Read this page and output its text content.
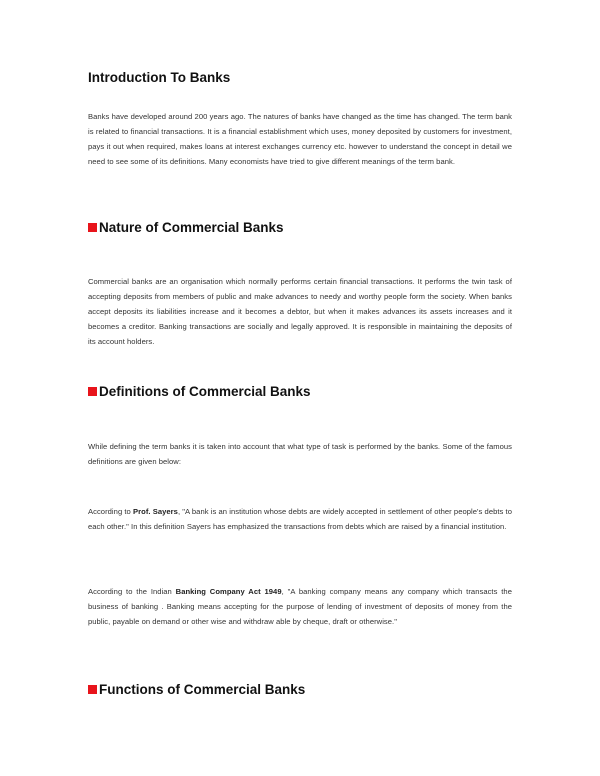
Introduction To Banks

Banks have developed around 200 years ago. The natures of banks have changed as the time has changed. The term bank is related to financial transactions. It is a financial establishment which uses, money deposited by customers for investment, pays it out when required, makes loans at interest exchanges currency etc. however to understand the concept in detail we need to see some of its definitions. Many economists have tried to give different meanings of the term bank.

Nature of Commercial Banks

Commercial banks are an organisation which normally performs certain financial transactions. It performs the twin task of accepting deposits from members of public and make advances to needy and worthy people form the society. When banks accept deposits its liabilities increase and it becomes a debtor, but when it makes advances its assets increases and it becomes a creditor. Banking transactions are socially and legally approved. It is responsible in maintaining the deposits of its account holders.

Definitions of Commercial Banks

While defining the term banks it is taken into account that what type of task is performed by the banks. Some of the famous definitions are given below:

According to Prof. Sayers, "A bank is an institution whose debts are widely accepted in settlement of other people's debts to each other." In this definition Sayers has emphasized the transactions from debts which are raised by a financial institution.

According to the Indian Banking Company Act 1949, "A banking company means any company which transacts the business of banking . Banking means accepting for the purpose of lending of investment of deposits of money from the public, payable on demand or other wise and withdraw able by cheque, draft or otherwise."

Functions of Commercial Banks
